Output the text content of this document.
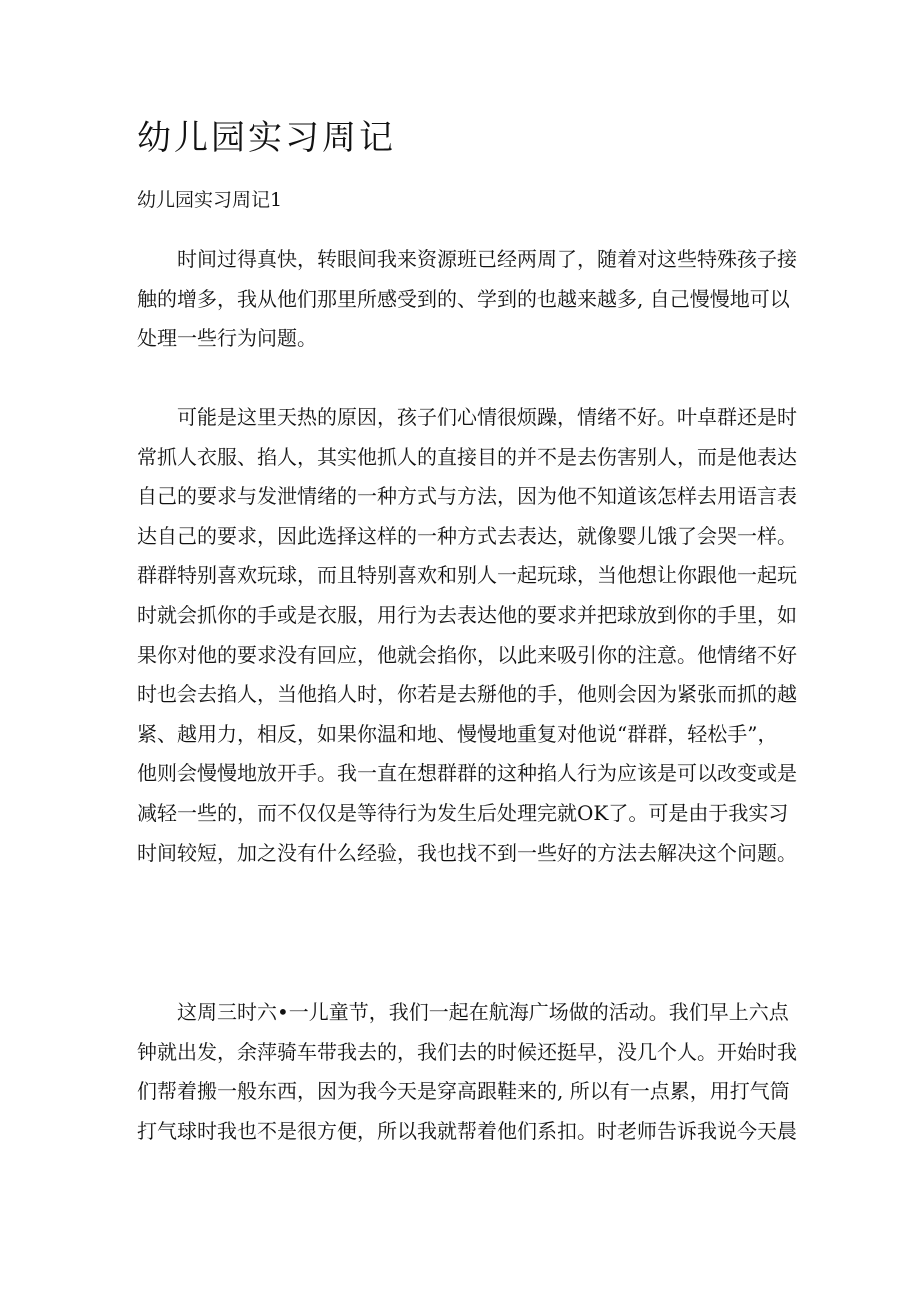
幼儿园实习周记
幼儿园实习周记1

时间过得真快，转眼间我来资源班已经两周了，随着对这些特殊孩子接
触的增多，我从他们那里所感受到的、学到的也越来越多, 自己慢慢地可以
处理一些行为问题。

可能是这里天热的原因，孩子们心情很烦躁，情绪不好。叶卓群还是时
常抓人衣服、掐人，其实他抓人的直接目的并不是去伤害别人，而是他表达
自己的要求与发泄情绪的一种方式与方法，因为他不知道该怎样去用语言表
达自己的要求，因此选择这样的一种方式去表达，就像婴儿饿了会哭一样。
群群特别喜欢玩球，而且特别喜欢和别人一起玩球，当他想让你跟他一起玩
时就会抓你的手或是衣服，用行为去表达他的要求并把球放到你的手里，如
果你对他的要求没有回应，他就会掐你，以此来吸引你的注意。他情绪不好
时也会去掐人，当他掐人时，你若是去掰他的手，他则会因为紧张而抓的越
紧、越用力，相反，如果你温和地、慢慢地重复对他说“群群，轻松手”，
他则会慢慢地放开手。我一直在想群群的这种掐人行为应该是可以改变或是
减轻一些的，而不仅仅是等待行为发生后处理完就OK了。可是由于我实习
时间较短，加之没有什么经验，我也找不到一些好的方法去解决这个问题。

这周三时六•一儿童节，我们一起在航海广场做的活动。我们早上六点
钟就出发，余萍骑车带我去的，我们去的时候还挺早，没几个人。开始时我
们帮着搬一般东西，因为我今天是穿高跟鞋来的, 所以有一点累，用打气筒
打气球时我也不是很方便，所以我就帮着他们系扣。时老师告诉我说今天晨
